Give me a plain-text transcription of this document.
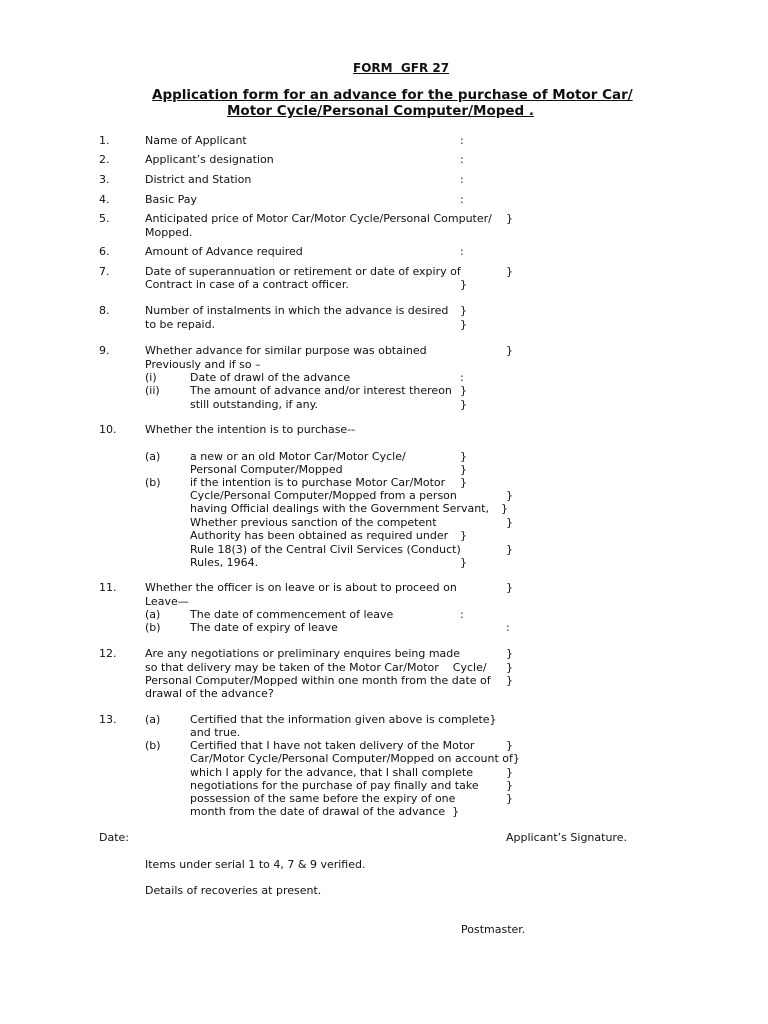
FORM  GFR 27
Application form for an advance for the purchase of Motor Car/
Motor Cycle/Personal Computer/Moped .
1.	Name of Applicant	:
2.	Applicant’s designation	:
3.	District and Station	:
4.	Basic Pay	:
5.	Anticipated price of Motor Car/Motor Cycle/Personal Computer/ }
Mopped.
6.	Amount of Advance required	:
7.	Date of superannuation or retirement or date of expiry of	}
Contract in case of a contract officer.	}
8.	Number of instalments in which the advance is desired }
to be repaid.	}
9.	Whether advance for similar purpose was obtained	}
Previously and if so –
(i)	Date of drawl of the advance	:
(ii)	The amount of advance and/or interest thereon }
still outstanding, if any.	}
10.	Whether the intention is to purchase--
(a)	a new or an old Motor Car/Motor Cycle/	}
Personal Computer/Mopped	}
(b)	if the intention is to purchase Motor Car/Motor }
Cycle/Personal Computer/Mopped from a person	}
having Official dealings with the Government Servant, }
Whether previous sanction of the competent	}
Authority has been obtained as required under }
Rule 18(3) of the Central Civil Services (Conduct)	}
Rules, 1964.	}
11.	Whether the officer is on leave or is about to proceed on	}
Leave—
(a)	The date of commencement of leave	:
(b)	The date of expiry of leave	:
12.	Are any negotiations or preliminary enquires being made	}
so that delivery may be taken of the Motor Car/Motor    Cycle/ }
Personal Computer/Mopped within one month from the date of }
drawal of the advance?
13.	(a)	Certified that the information given above is complete}
and true.
(b)	Certified that I have not taken delivery of the Motor	}
Car/Motor Cycle/Personal Computer/Mopped on account of}
which I apply for the advance, that I shall complete	}
negotiations for the purchase of pay finally and take }
possession of the same before the expiry of one	}
month from the date of drawal of the advance  }
Date:	Applicant’s Signature.
Items under serial 1 to 4, 7 & 9 verified.
Details of recoveries at present.
Postmaster.
